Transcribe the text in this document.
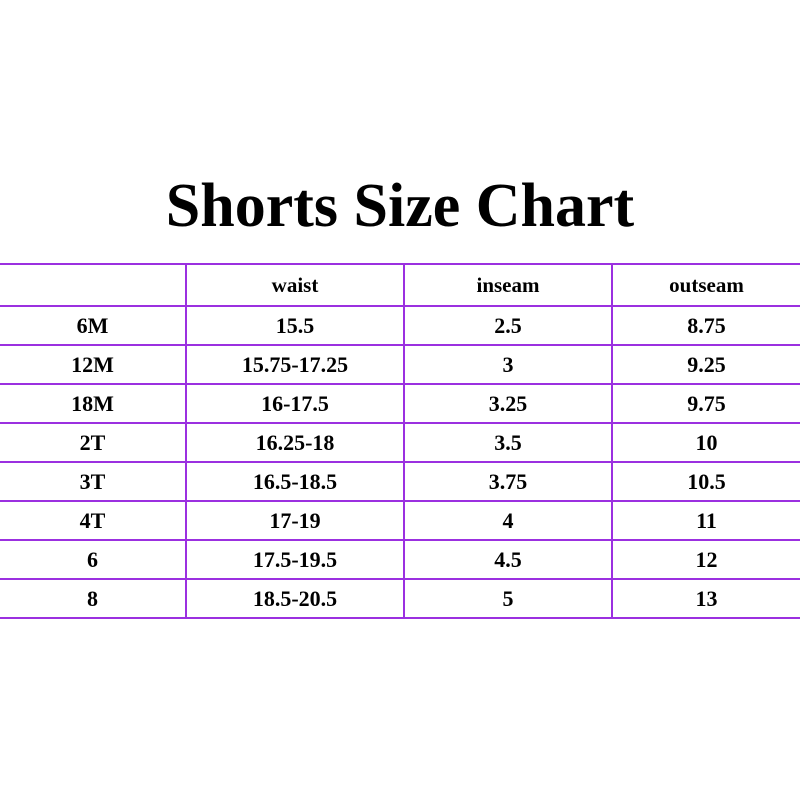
Shorts Size Chart
	waist	inseam	outseam
6M	15.5	2.5	8.75
12M	15.75-17.25	3	9.25
18M	16-17.5	3.25	9.75
2T	16.25-18	3.5	10
3T	16.5-18.5	3.75	10.5
4T	17-19	4	11
6	17.5-19.5	4.5	12
8	18.5-20.5	5	13
